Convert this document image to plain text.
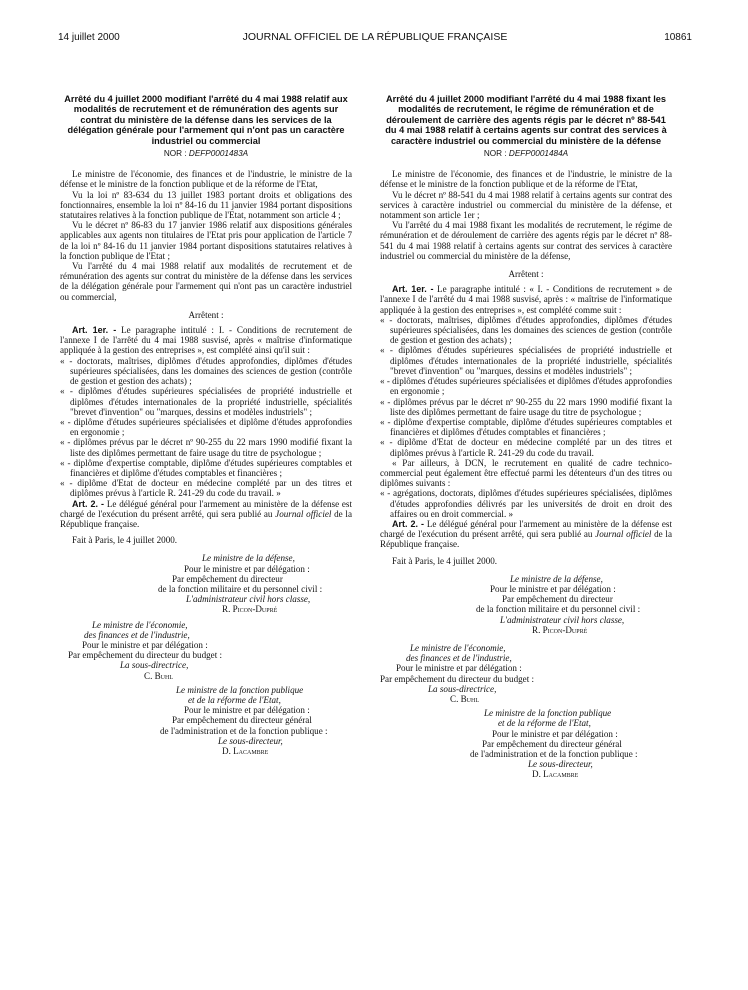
14 juillet 2000	JOURNAL OFFICIEL DE LA RÉPUBLIQUE FRANÇAISE	10861
Arrêté du 4 juillet 2000 modifiant l'arrêté du 4 mai 1988 relatif aux modalités de recrutement et de rémunération des agents sur contrat du ministère de la défense dans les services de la délégation générale pour l'armement qui n'ont pas un caractère industriel ou commercial
NOR : DEFP0001483A

Le ministre de l'économie, des finances et de l'industrie, le ministre de la défense et le ministre de la fonction publique et de la réforme de l'Etat,

Vu la loi nº 83-634 du 13 juillet 1983 portant droits et obligations des fonctionnaires, ensemble la loi nº 84-16 du 11 janvier 1984 portant dispositions statutaires relatives à la fonction publique de l'Etat, notamment son article 4 ;

Vu le décret nº 86-83 du 17 janvier 1986 relatif aux dispositions générales applicables aux agents non titulaires de l'Etat pris pour application de l'article 7 de la loi nº 84-16 du 11 janvier 1984 portant dispositions statutaires relatives à la fonction publique de l'Etat ;

Vu l'arrêté du 4 mai 1988 relatif aux modalités de recrutement et de rémunération des agents sur contrat du ministère de la défense dans les services de la délégation générale pour l'armement qui n'ont pas un caractère industriel ou commercial,

Arrêtent :

Art. 1er. - Le paragraphe intitulé : I. - Conditions de recrutement de l'annexe I de l'arrêté du 4 mai 1988 susvisé, après « maîtrise d'informatique appliquée à la gestion des entreprises », est complété ainsi qu'il suit :

« - doctorats, maîtrises, diplômes d'études approfondies, diplômes d'études supérieures spécialisées, dans les domaines des sciences de gestion (contrôle de gestion et gestion des achats) ;
« - diplômes d'études supérieures spécialisées de propriété industrielle et diplômes d'études internationales de la propriété industrielle, spécialités "brevet d'invention" ou "marques, dessins et modèles industriels" ;
« - diplôme d'études supérieures spécialisées et diplôme d'études approfondies en ergonomie ;
« - diplômes prévus par le décret nº 90-255 du 22 mars 1990 modifié fixant la liste des diplômes permettant de faire usage du titre de psychologue ;
« - diplôme d'expertise comptable, diplôme d'études supérieures comptables et financières et diplôme d'études comptables et financières ;
« - diplôme d'Etat de docteur en médecine complété par un des titres et diplômes prévus à l'article R. 241-29 du code du travail. »

Art. 2. - Le délégué général pour l'armement au ministère de la défense est chargé de l'exécution du présent arrêté, qui sera publié au Journal officiel de la République française.

Fait à Paris, le 4 juillet 2000.

Le ministre de la défense,
Pour le ministre et par délégation :
Par empêchement du directeur
de la fonction militaire et du personnel civil :
L'administrateur civil hors classe,
R. Picon-Dupré
Le ministre de l'économie,
des finances et de l'industrie,
Pour le ministre et par délégation :
Par empêchement du directeur du budget :
La sous-directrice,
C. Buhl
Le ministre de la fonction publique
et de la réforme de l'Etat,
Pour le ministre et par délégation :
Par empêchement du directeur général
de l'administration et de la fonction publique :
Le sous-directeur,
D. Lacambre
Arrêté du 4 juillet 2000 modifiant l'arrêté du 4 mai 1988 fixant les modalités de recrutement, le régime de rémunération et de déroulement de carrière des agents régis par le décret nº 88-541 du 4 mai 1988 relatif à certains agents sur contrat des services à caractère industriel ou commercial du ministère de la défense
NOR : DEFP0001484A

Le ministre de l'économie, des finances et de l'industrie, le ministre de la défense et le ministre de la fonction publique et de la réforme de l'Etat,

Vu le décret nº 88-541 du 4 mai 1988 relatif à certains agents sur contrat des services à caractère industriel ou commercial du ministère de la défense, et notamment son article 1er ;

Vu l'arrêté du 4 mai 1988 fixant les modalités de recrutement, le régime de rémunération et de déroulement de carrière des agents régis par le décret nº 88-541 du 4 mai 1988 relatif à certains agents sur contrat des services à caractère industriel ou commercial du ministère de la défense,

Arrêtent :

Art. 1er. - Le paragraphe intitulé : « I. - Conditions de recrutement » de l'annexe I de l'arrêté du 4 mai 1988 susvisé, après : « maîtrise de l'informatique appliquée à la gestion des entreprises », est complété comme suit :

« - doctorats, maîtrises, diplômes d'études approfondies, diplômes d'études supérieures spécialisées, dans les domaines des sciences de gestion (contrôle de gestion et gestion des achats) ;
« - diplômes d'études supérieures spécialisées de propriété industrielle et diplômes d'études internationales de la propriété industrielle, spécialités "brevet d'invention" ou "marques, dessins et modèles industriels" ;
« - diplômes d'études supérieures spécialisées et diplômes d'études approfondies en ergonomie ;
« - diplômes prévus par le décret nº 90-255 du 22 mars 1990 modifié fixant la liste des diplômes permettant de faire usage du titre de psychologue ;
« - diplôme d'expertise comptable, diplôme d'études supérieures comptables et financières et diplômes d'études comptables et financières ;
« - diplôme d'Etat de docteur en médecine complété par un des titres et diplômes prévus à l'article R. 241-29 du code du travail.

« Par ailleurs, à DCN, le recrutement en qualité de cadre technico-commercial peut également être effectué parmi les détenteurs d'un des titres ou diplômes suivants :

« - agrégations, doctorats, diplômes d'études supérieures spécialisées, diplômes d'études approfondies délivrés par les universités de droit en droit des affaires ou en droit commercial. »

Art. 2. - Le délégué général pour l'armement au ministère de la défense est chargé de l'exécution du présent arrêté, qui sera publié au Journal officiel de la République française.

Fait à Paris, le 4 juillet 2000.

Le ministre de la défense,
Pour le ministre et par délégation :
Par empêchement du directeur
de la fonction militaire et du personnel civil :
L'administrateur civil hors classe,
R. Picon-Dupré
Le ministre de l'économie,
des finances et de l'industrie,
Pour le ministre et par délégation :
Par empêchement du directeur du budget :
La sous-directrice,
C. Buhl
Le ministre de la fonction publique
et de la réforme de l'Etat,
Pour le ministre et par délégation :
Par empêchement du directeur général
de l'administration et de la fonction publique :
Le sous-directeur,
D. Lacambre
